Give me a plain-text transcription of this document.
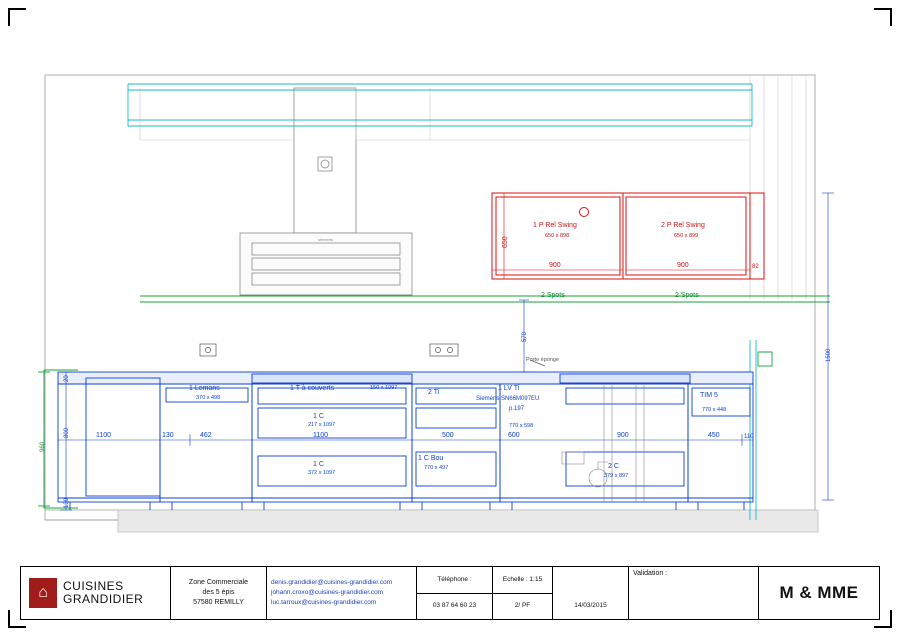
siemens
1 P Rel Swing
650 x 898
2 P Rel Swing
650 x 899
900	900
650
82
2 Spots	2 Spots
Porte éponge
570
1500
20
800
960
130
1 Lemans
370 x 498
1 T à couverts	150 x 1097
2 Ti
1 LV Ti
Siemens SN66M097EU
p.197
770 x 598
TIM 5
770 x 448
1 C
217 x 1097
1 C
372 x 1097
1 C Bou
770 x 497	2 C
379 x 897
1100	130	462	1100	500	600	900	450	110
⌂	CUISINES
GRANDIDIER
Zone Commerciale
des 5 épis
57580 REMILLY
denis.grandidier@cuisines-grandidier.com
johann.croxo@cuisines-grandidier.com
luc.tarroux@cuisines-grandidier.com
Téléphone :
03 87 64 60 23
Echelle : 1:15
2/ PF
	14/03/2015
Validation :
M & MME
